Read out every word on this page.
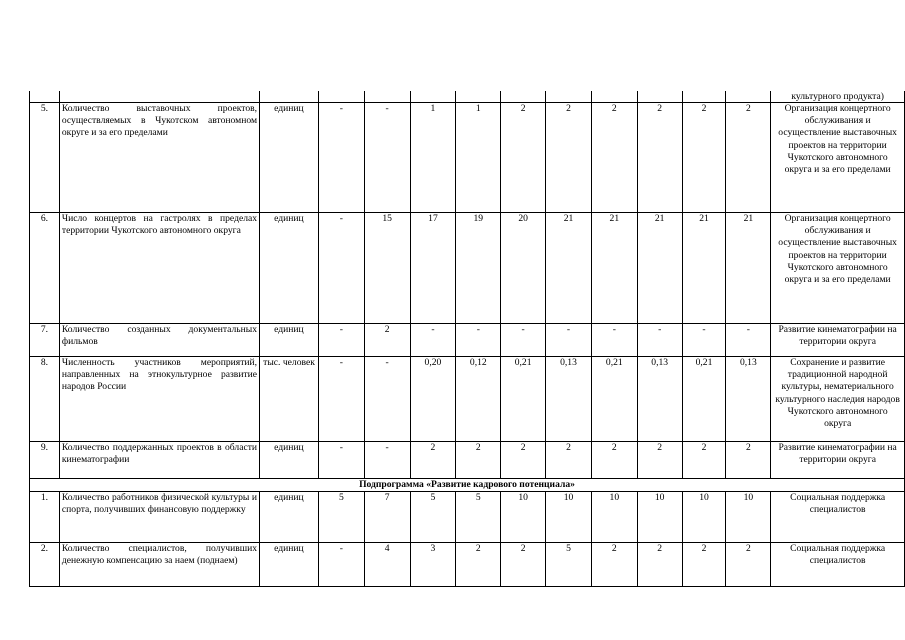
													культурного продукта)
5.	Количество выставочных проектов, осуществляемых в Чукотском автономном округе и за его пределами	единиц	-	-	1	1	2	2	2	2	2	2	Организация концертного обслуживания и осуществление выставочных проектов на территории Чукотского автономного округа и за его пределами
6.	Число концертов на гастролях в пределах территории Чукотского автономного округа	единиц	-	15	17	19	20	21	21	21	21	21	Организация концертного обслуживания и осуществление выставочных проектов на территории Чукотского автономного округа и за его пределами
7.	Количество созданных документальных фильмов	единиц	-	2	-	-	-	-	-	-	-	-	Развитие кинематографии на территории округа
8.	Численность участников мероприятий, направленных на этнокультурное развитие народов России	тыс. человек	-	-	0,20	0,12	0,21	0,13	0,21	0,13	0,21	0,13	Сохранение и развитие традиционной народной культуры, нематериального культурного наследия народов Чукотского автономного округа
9.	Количество поддержанных проектов в области кинематографии	единиц	-	-	2	2	2	2	2	2	2	2	Развитие кинематографии на территории округа
Подпрограмма «Развитие кадрового потенциала»													
1.	Количество работников физической культуры и спорта, получивших финансовую поддержку	единиц	5	7	5	5	10	10	10	10	10	10	Социальная поддержка специалистов
2.	Количество специалистов, получивших денежную компенсацию за наем (поднаем)	единиц	-	4	3	2	2	5	2	2	2	2	Социальная поддержка специалистов
